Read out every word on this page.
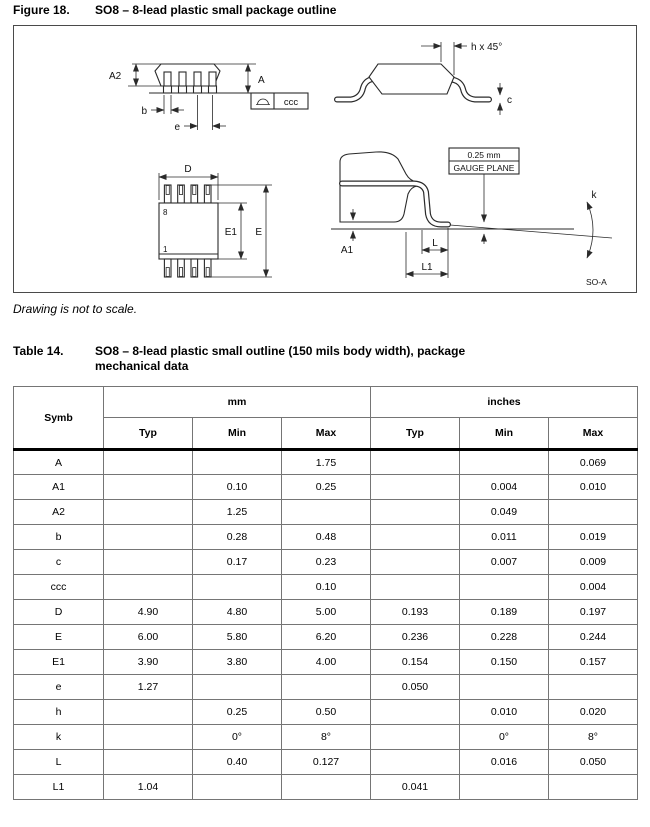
Figure 18.	SO8 – 8-lead plastic small package outline
A2	A
b
e
ccc
h x 45°
c
D
8
1
E1 E
0.25 mm
GAUGE PLANE
A1
L
L1
k
SO-A
Drawing is not to scale.
Table 14.	SO8 – 8-lead plastic small outline (150 mils body width), package
mechanical data
Symb	mm			inches		
	Typ	Min	Max	Typ	Min	Max
A			1.75			0.069
A1		0.10	0.25		0.004	0.010
A2		1.25			0.049	
b		0.28	0.48		0.011	0.019
c		0.17	0.23		0.007	0.009
ccc			0.10			0.004
D	4.90	4.80	5.00	0.193	0.189	0.197
E	6.00	5.80	6.20	0.236	0.228	0.244
E1	3.90	3.80	4.00	0.154	0.150	0.157
e	1.27			0.050		
h		0.25	0.50		0.010	0.020
k		0°	8°		0°	8°
L		0.40	0.127		0.016	0.050
L1	1.04			0.041		
